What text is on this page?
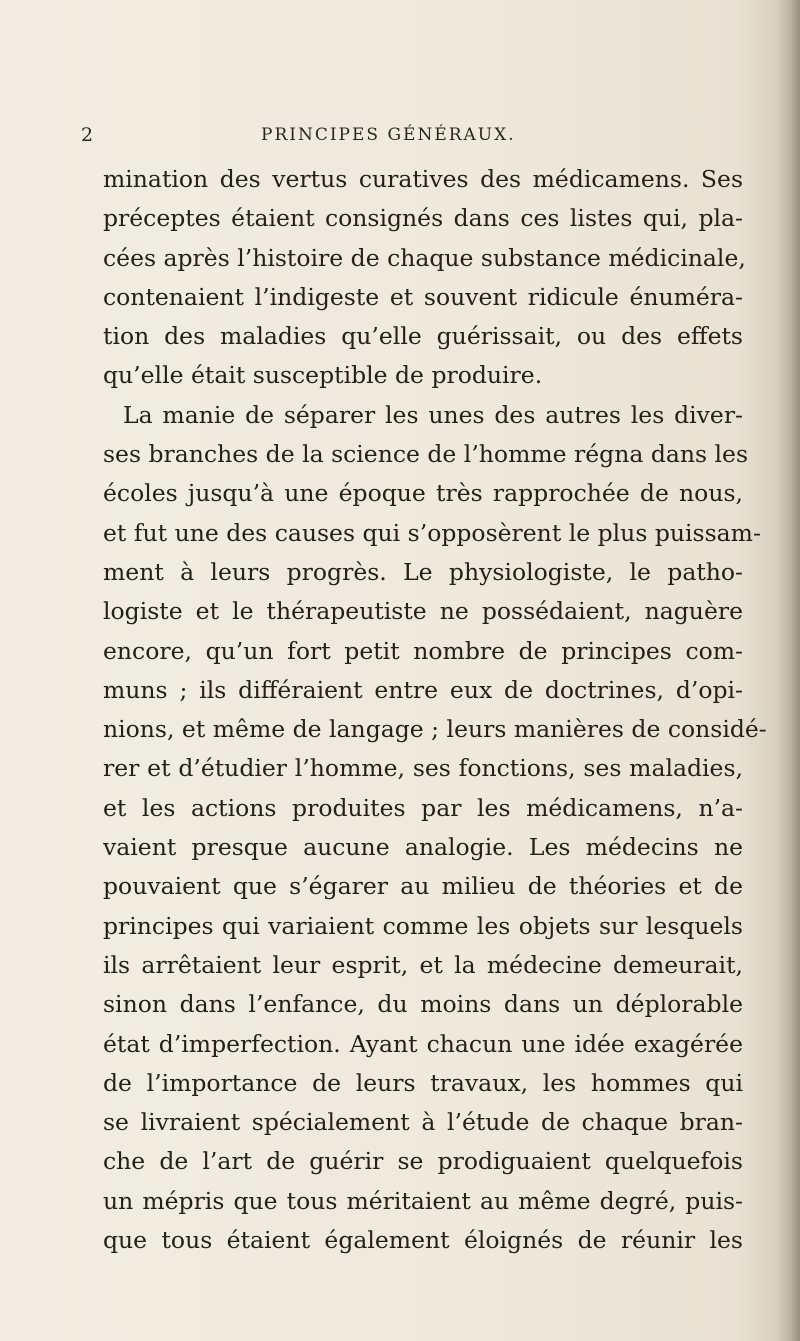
2	PRINCIPES GÉNÉRAUX.
mination des vertus curatives des médicamens. Ses
préceptes étaient consignés dans ces listes qui, pla-
cées après l’histoire de chaque substance médicinale,
contenaient l’indigeste et souvent ridicule énuméra-
tion des maladies qu’elle guérissait, ou des effets
qu’elle était susceptible de produire.
La manie de séparer les unes des autres les diver-
ses branches de la science de l’homme régna dans les
écoles jusqu’à une époque très rapprochée de nous,
et fut une des causes qui s’opposèrent le plus puissam-
ment à leurs progrès. Le physiologiste, le patho-
logiste et le thérapeutiste ne possédaient, naguère
encore, qu’un fort petit nombre de principes com-
muns ; ils différaient entre eux de doctrines, d’opi-
nions, et même de langage ; leurs manières de considé-
rer et d’étudier l’homme, ses fonctions, ses maladies,
et les actions produites par les médicamens, n’a-
vaient presque aucune analogie. Les médecins ne
pouvaient que s’égarer au milieu de théories et de
principes qui variaient comme les objets sur lesquels
ils arrêtaient leur esprit, et la médecine demeurait,
sinon dans l’enfance, du moins dans un déplorable
état d’imperfection. Ayant chacun une idée exagérée
de l’importance de leurs travaux, les hommes qui
se livraient spécialement à l’étude de chaque bran-
che de l’art de guérir se prodiguaient quelquefois
un mépris que tous méritaient au même degré, puis-
que tous étaient également éloignés de réunir les
